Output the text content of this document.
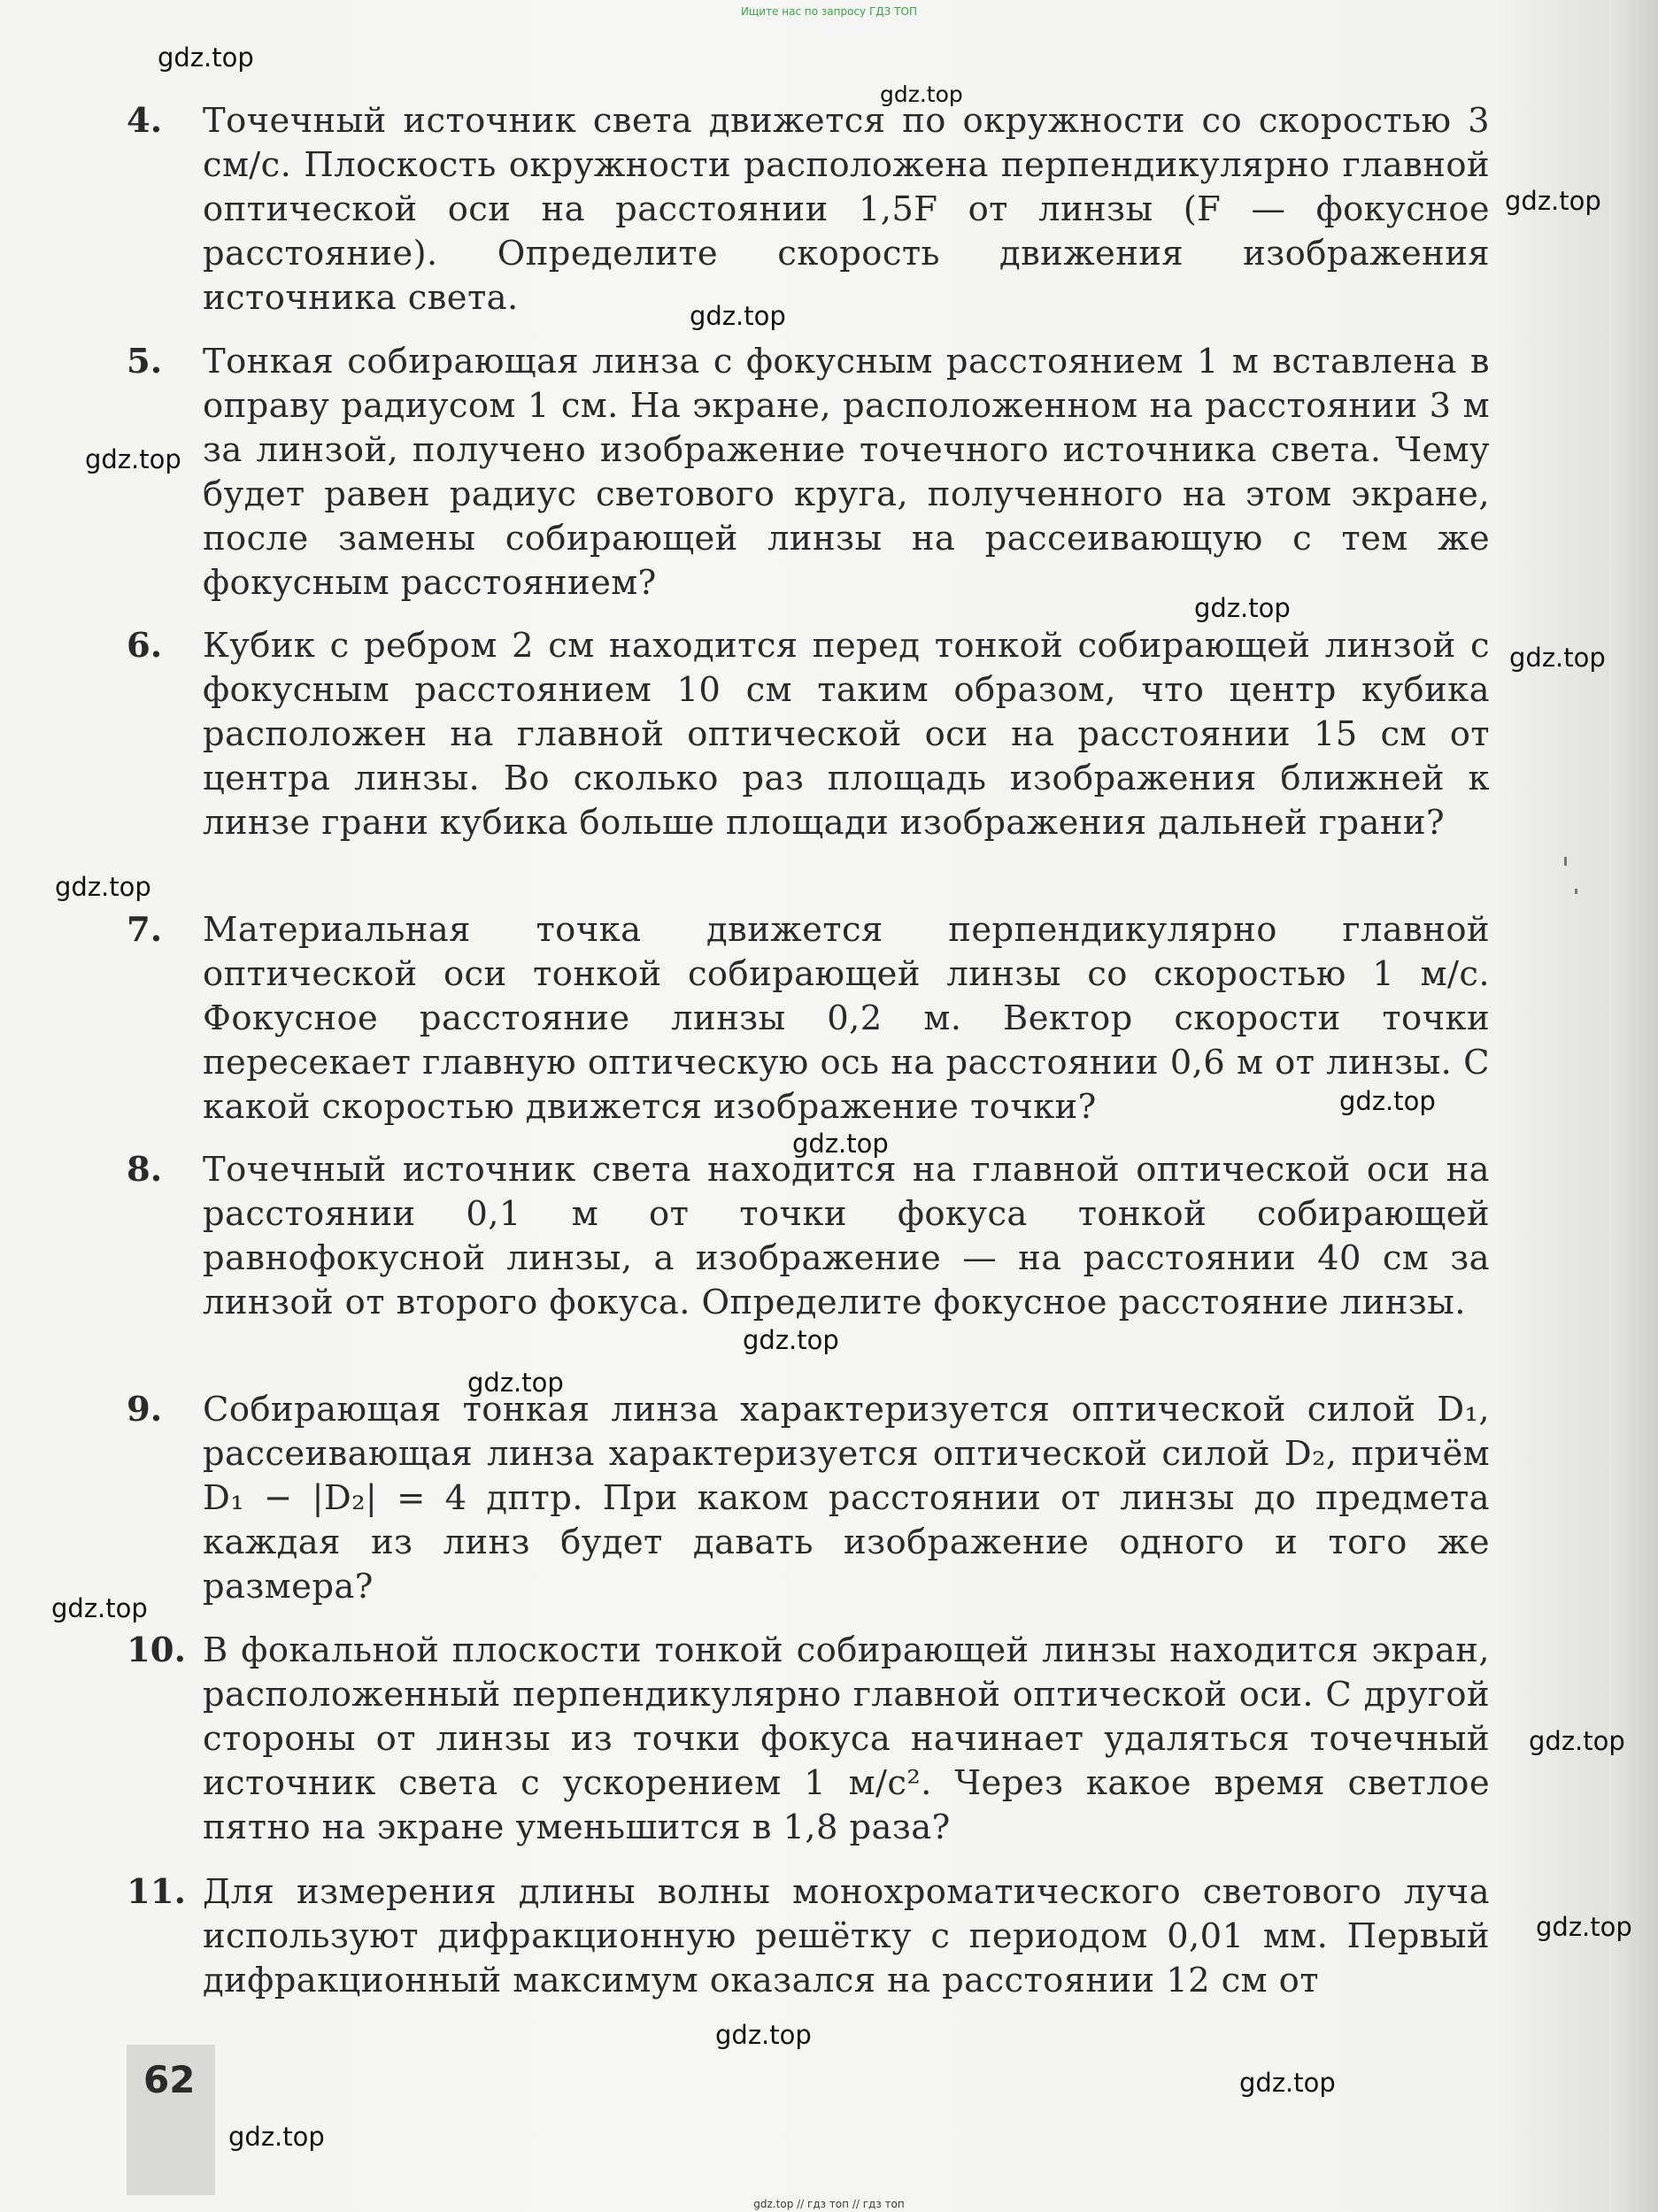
Ищите нас по запросу ГДЗ ТОП
4. Точечный источник света движется по окружности со скоростью 3 см/с. Плоскость окружности расположена перпендикулярно главной оптической оси на расстоянии 1,5F от линзы (F — фокусное расстояние). Определите скорость движения изображения источника света.
5. Тонкая собирающая линза с фокусным расстоянием 1 м вставлена в оправу радиусом 1 см. На экране, расположенном на расстоянии 3 м за линзой, получено изображение точечного источника света. Чему будет равен радиус светового круга, полученного на этом экране, после замены собирающей линзы на рассеивающую с тем же фокусным расстоянием?
6. Кубик с ребром 2 см находится перед тонкой собирающей линзой с фокусным расстоянием 10 см таким образом, что центр кубика расположен на главной оптической оси на расстоянии 15 см от центра линзы. Во сколько раз площадь изображения ближней к линзе грани кубика больше площади изображения дальней грани?
7. Материальная точка движется перпендикулярно главной оптической оси тонкой собирающей линзы со скоростью 1 м/с. Фокусное расстояние линзы 0,2 м. Вектор скорости точки пересекает главную оптическую ось на расстоянии 0,6 м от линзы. С какой скоростью движется изображение точки?
8. Точечный источник света находится на главной оптической оси на расстоянии 0,1 м от точки фокуса тонкой собирающей равнофокусной линзы, а изображение — на расстоянии 40 см за линзой от второго фокуса. Определите фокусное расстояние линзы.
9. Собирающая тонкая линза характеризуется оптической силой D₁, рассеивающая линза характеризуется оптической силой D₂, причём D₁ − |D₂| = 4 дптр. При каком расстоянии от линзы до предмета каждая из линз будет давать изображение одного и того же размера?
10. В фокальной плоскости тонкой собирающей линзы находится экран, расположенный перпендикулярно главной оптической оси. С другой стороны от линзы из точки фокуса начинает удаляться точечный источник света с ускорением 1 м/с². Через какое время светлое пятно на экране уменьшится в 1,8 раза?
11. Для измерения длины волны монохроматического светового луча используют дифракционную решётку с периодом 0,01 мм. Первый дифракционный максимум оказался на расстоянии 12 см от
62
gdz.top
gdz.top
gdz.top
gdz.top
gdz.top
gdz.top
gdz.top
gdz.top
gdz.top
gdz.top
gdz.top
gdz.top
gdz.top
gdz.top
gdz.top
gdz.top
gdz.top
gdz.top
gdz.top // гдз топ // гдз топ
